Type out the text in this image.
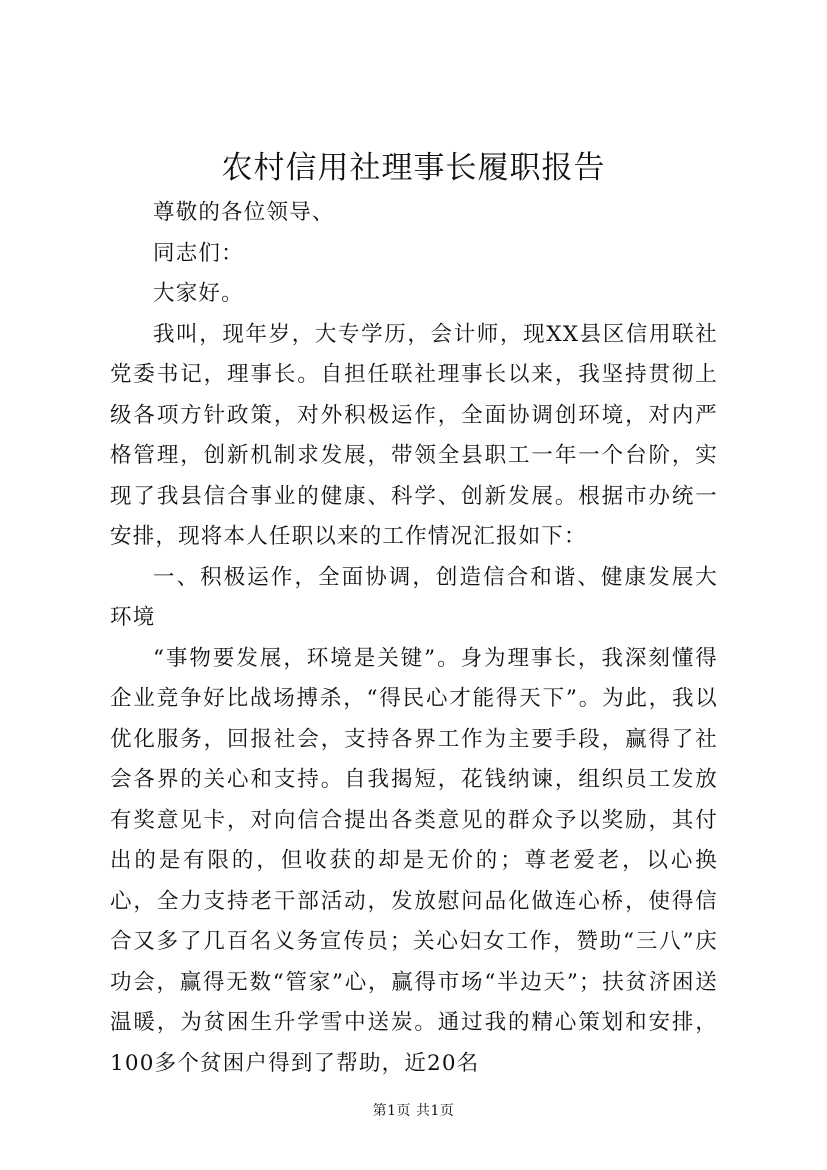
农村信用社理事长履职报告

尊敬的各位领导、

同志们：

大家好。

我叫，现年岁，大专学历，会计师，现XX县区信用联社党委书记，理事长。自担任联社理事长以来，我坚持贯彻上级各项方针政策，对外积极运作，全面协调创环境，对内严格管理，创新机制求发展，带领全县职工一年一个台阶，实现了我县信合事业的健康、科学、创新发展。根据市办统一安排，现将本人任职以来的工作情况汇报如下：

一、积极运作，全面协调，创造信合和谐、健康发展大环境

“事物要发展，环境是关键”。身为理事长，我深刻懂得企业竞争好比战场搏杀，“得民心才能得天下”。为此，我以优化服务，回报社会，支持各界工作为主要手段，赢得了社会各界的关心和支持。自我揭短，花钱纳谏，组织员工发放有奖意见卡，对向信合提出各类意见的群众予以奖励，其付出的是有限的，但收获的却是无价的；尊老爱老，以心换心，全力支持老干部活动，发放慰问品化做连心桥，使得信合又多了几百名义务宣传员；关心妇女工作，赞助“三八”庆功会，赢得无数“管家”心，赢得市场“半边天”；扶贫济困送温暖，为贫困生升学雪中送炭。通过我的精心策划和安排，100多个贫困户得到了帮助，近20名

第1页 共1页
